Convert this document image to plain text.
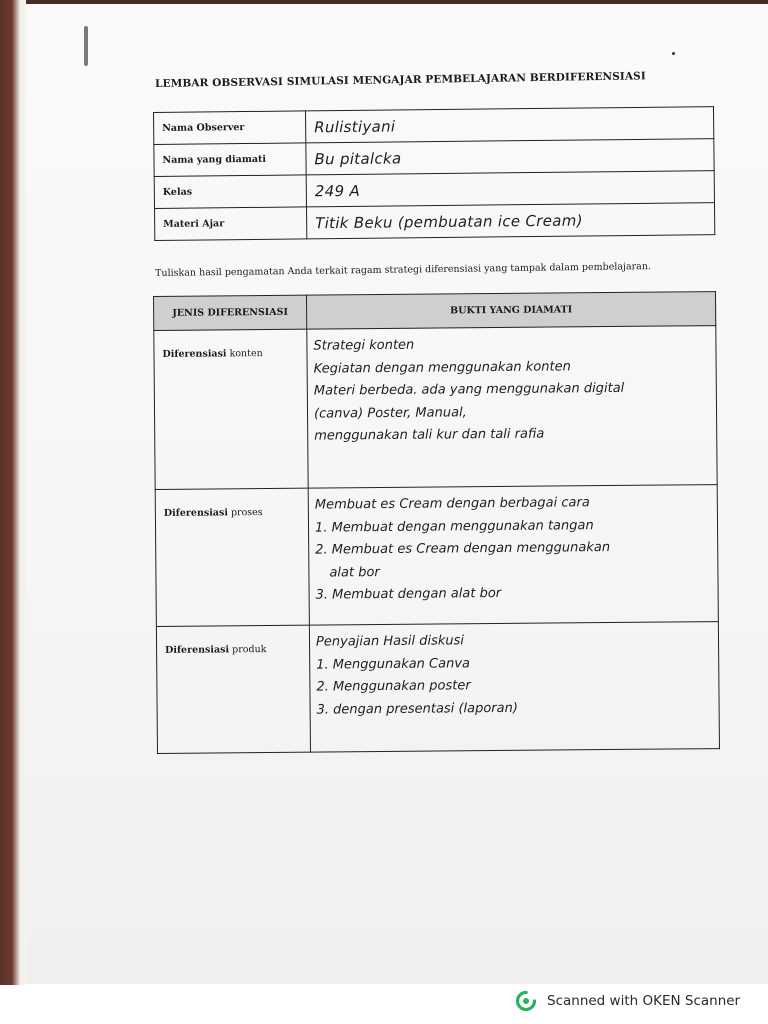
LEMBAR OBSERVASI SIMULASI MENGAJAR PEMBELAJARAN BERDIFERENSIASI
Nama Observer	Rulistiyani
Nama yang diamati	Bu pitalcka
Kelas	249 A
Materi Ajar	Titik Beku (pembuatan ice Cream)
Tuliskan hasil pengamatan Anda terkait ragam strategi diferensiasi yang tampak dalam pembelajaran.
JENIS DIFERENSIASI	BUKTI YANG DIAMATI
Diferensiasi konten	Strategi konten
Kegiatan dengan menggunakan konten
Materi berbeda. ada yang menggunakan digital
(canva) Poster, Manual,
menggunakan tali kur dan tali rafia

Diferensiasi proses	Membuat es Cream dengan berbagai cara
1. Membuat dengan menggunakan tangan
2. Membuat es Cream dengan menggunakan
alat bor
3. Membuat dengan alat bor

Diferensiasi produk	Penyajian Hasil diskusi
1. Menggunakan Canva
2. Menggunakan poster
3. dengan presentasi (laporan)
Scanned with OKEN Scanner
